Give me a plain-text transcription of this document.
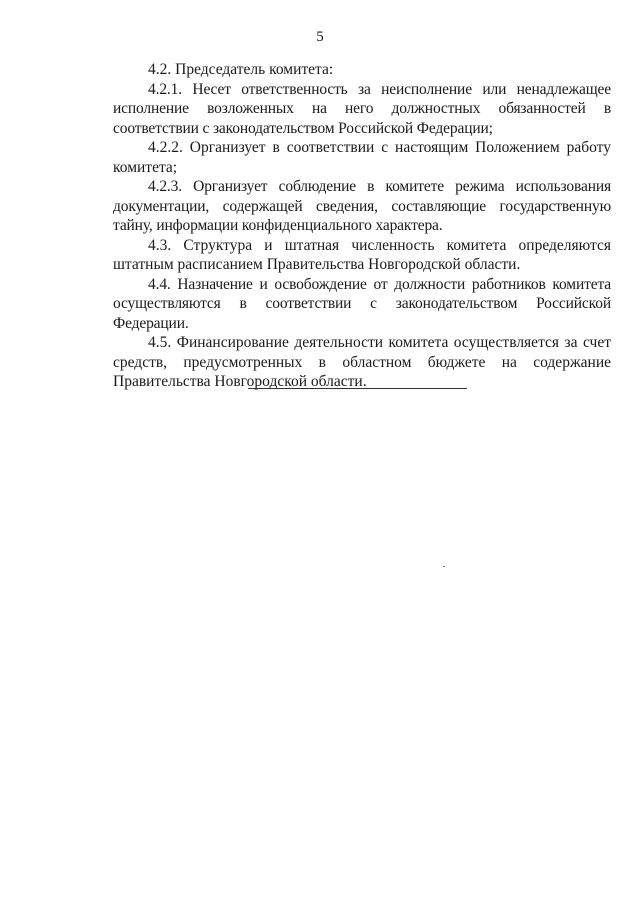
5

4.2. Председатель комитета:

4.2.1. Несет ответственность за неисполнение или ненадлежащее исполнение возложенных на него должностных обязанностей в соответствии с законодательством Российской Федерации;

4.2.2. Организует в соответствии с настоящим Положением работу комитета;

4.2.3. Организует соблюдение в комитете режима использования документации, содержащей сведения, составляющие государственную тайну, информации конфиденциального характера.

4.3. Структура и штатная численность комитета определяются штатным расписанием Правительства Новгородской области.

4.4. Назначение и освобождение от должности работников комитета осуществляются в соответствии с законодательством Российской Федерации.

4.5. Финансирование деятельности комитета осуществляется за счет средств, предусмотренных в областном бюджете на содержание Правительства Новгородской области.
